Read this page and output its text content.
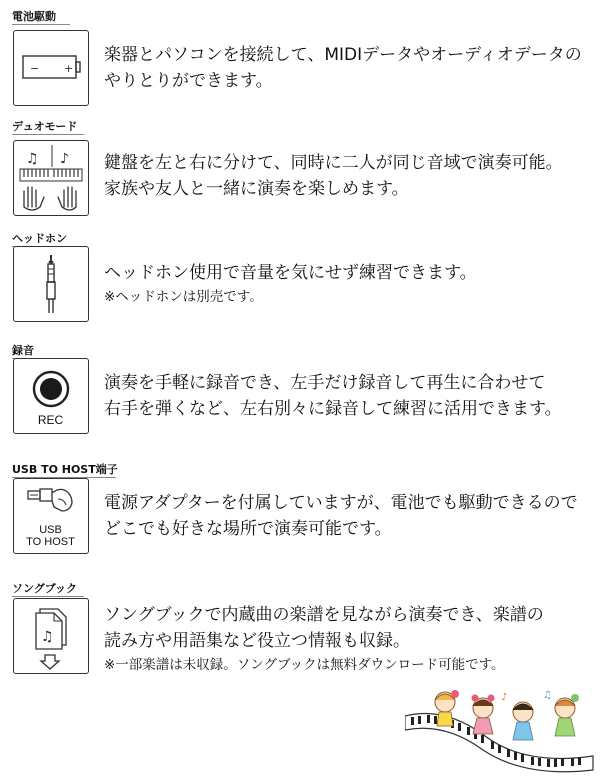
電池駆動
− +
楽器とパソコンを接続して、MIDIデータやオーディオデータの
やりとりができます。
デュオモード
♫ ♪ 鍵盤を左と右に分けて、同時に二人が同じ音域で演奏可能。
家族や友人と一緒に演奏を楽しめます。
ヘッドホン
ヘッドホン使用で音量を気にせず練習できます。
※ヘッドホンは別売です。
録音
REC
演奏を手軽に録音でき、左手だけ録音して再生に合わせて
右手を弾くなど、左右別々に録音して練習に活用できます。
USB TO HOST端子
USB
TO HOST
電源アダプターを付属していますが、電池でも駆動できるので
どこでも好きな場所で演奏可能です。
ソングブック
♫
ソングブックで内蔵曲の楽譜を見ながら演奏でき、楽譜の
読み方や用語集など役立つ情報も収録。
※一部楽譜は未収録。ソングブックは無料ダウンロード可能です。
♪	♫
